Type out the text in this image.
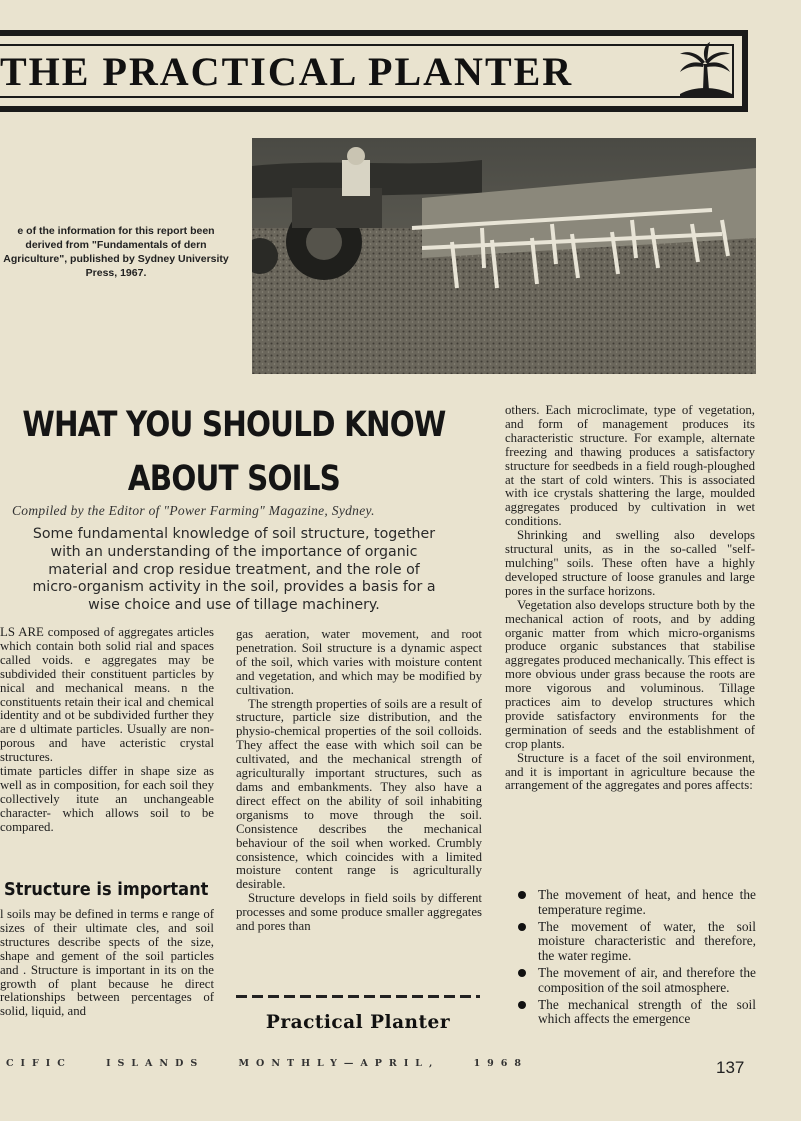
THE PRACTICAL PLANTER
e of the information for this report been derived from "Fundamentals of dern Agriculture", published by Sydney University Press, 1967.
WHAT YOU SHOULD KNOW
ABOUT SOILS
Compiled by the Editor of "Power Farming" Magazine, Sydney.
Some fundamental knowledge of soil structure, together with an understanding of the importance of organic material and crop residue treatment, and the role of micro-organism activity in the soil, provides a basis for a wise choice and use of tillage machinery.

LS ARE composed of aggregates articles which contain both solid rial and spaces called voids. e aggregates may be subdivided their constituent particles by nical and mechanical means. n the constituents retain their ical and chemical identity and ot be subdivided further they are d ultimate particles. Usually are non-porous and have acteristic crystal structures.

timate particles differ in shape size as well as in composition, for each soil they collectively itute an unchangeable character- which allows soil to be compared.

Structure is important

l soils may be defined in terms e range of sizes of their ultimate cles, and soil structures describe spects of the size, shape and gement of the soil particles and . Structure is important in its on the growth of plant because he direct relationships between percentages of solid, liquid, and

gas aeration, water movement, and root penetration. Soil structure is a dynamic aspect of the soil, which varies with moisture content and vegetation, and which may be modified by cultivation.

The strength properties of soils are a result of structure, particle size distribution, and the physio-chemical properties of the soil colloids. They affect the ease with which soil can be cultivated, and the mechanical strength of agriculturally important structures, such as dams and embankments. They also have a direct effect on the ability of soil inhabiting organisms to move through the soil. Consistence describes the mechanical behaviour of the soil when worked. Crumbly consistence, which coincides with a limited moisture content range is agriculturally desirable.

Structure develops in field soils by different processes and some produce smaller aggregates and pores than

Practical Planter

others. Each microclimate, type of vegetation, and form of management produces its characteristic structure. For example, alternate freezing and thawing produces a satisfactory structure for seedbeds in a field rough-ploughed at the start of cold winters. This is associated with ice crystals shattering the large, moulded aggregates produced by cultivation in wet conditions.

Shrinking and swelling also develops structural units, as in the so-called "self-mulching" soils. These often have a highly developed structure of loose granules and large pores in the surface horizons.

Vegetation also develops structure both by the mechanical action of roots, and by adding organic matter from which micro-organisms produce organic substances that stabilise aggregates produced mechanically. This effect is more obvious under grass because the roots are more vigorous and voluminous. Tillage practices aim to develop structures which provide satisfactory environments for the germination of seeds and the establishment of crop plants.

Structure is a facet of the soil environment, and it is important in agriculture because the arrangement of the aggregates and pores affects:

The movement of heat, and hence the temperature regime.
The movement of water, the soil moisture characteristic and therefore, the water regime.
The movement of air, and therefore the composition of the soil atmosphere.
The mechanical strength of the soil which affects the emergence
CIFIC	ISLANDS	MONTHLY—APRIL,	1968	137
